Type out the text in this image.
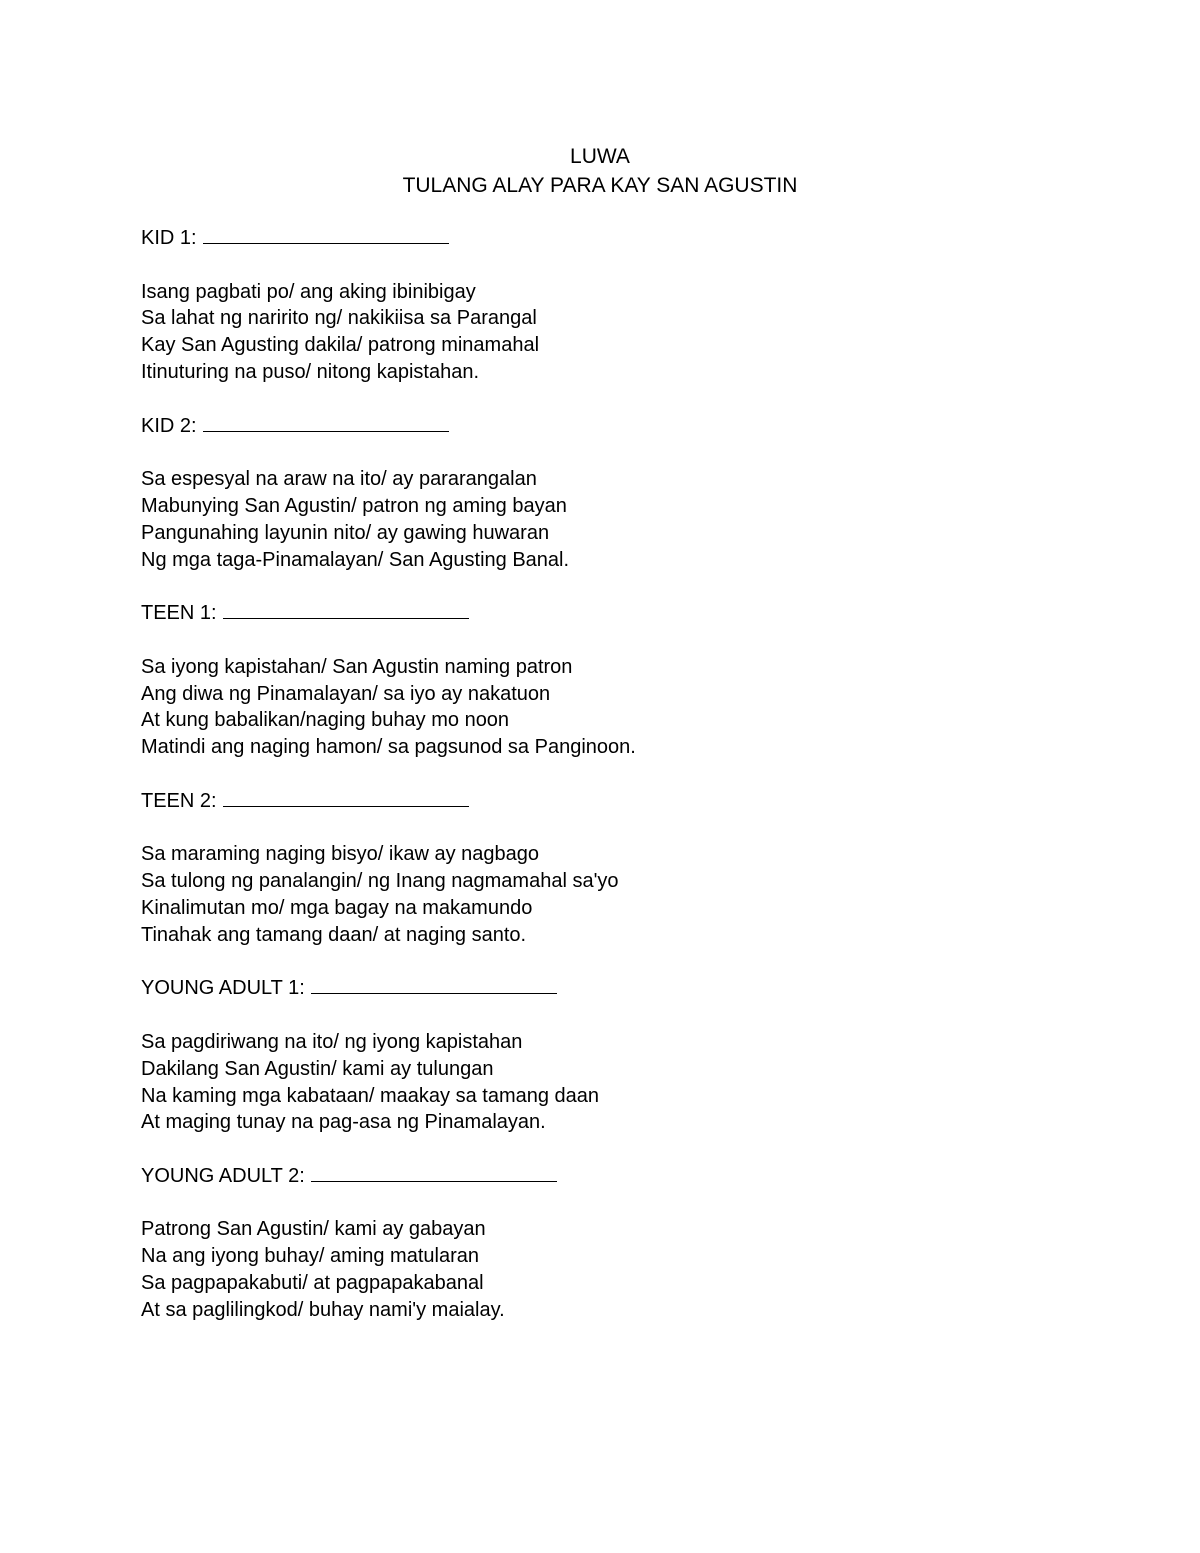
LUWA
TULANG ALAY PARA KAY SAN AGUSTIN
KID 1:
Isang pagbati po/ ang aking ibinibigay
Sa lahat ng naririto ng/ nakikiisa sa Parangal
Kay San Agusting dakila/ patrong minamahal
Itinuturing na puso/ nitong kapistahan.
KID 2:
Sa espesyal na araw na ito/ ay pararangalan
Mabunying San Agustin/ patron ng aming bayan
Pangunahing layunin nito/ ay gawing huwaran
Ng mga taga-Pinamalayan/ San Agusting Banal.
TEEN 1:
Sa iyong kapistahan/ San Agustin naming patron
Ang diwa ng Pinamalayan/ sa iyo ay nakatuon
At kung babalikan/naging buhay mo noon
Matindi ang naging hamon/ sa pagsunod sa Panginoon.
TEEN 2:
Sa maraming naging bisyo/ ikaw ay nagbago
Sa tulong ng panalangin/ ng Inang nagmamahal sa'yo
Kinalimutan mo/ mga bagay na makamundo
Tinahak ang tamang daan/ at naging santo.
YOUNG ADULT 1:
Sa pagdiriwang na ito/ ng iyong kapistahan
Dakilang San Agustin/ kami ay tulungan
Na kaming mga kabataan/ maakay sa tamang daan
At maging tunay na pag-asa ng Pinamalayan.
YOUNG ADULT 2:
Patrong San Agustin/ kami ay gabayan
Na ang iyong buhay/ aming matularan
Sa pagpapakabuti/ at pagpapakabanal
At sa paglilingkod/ buhay nami'y maialay.
